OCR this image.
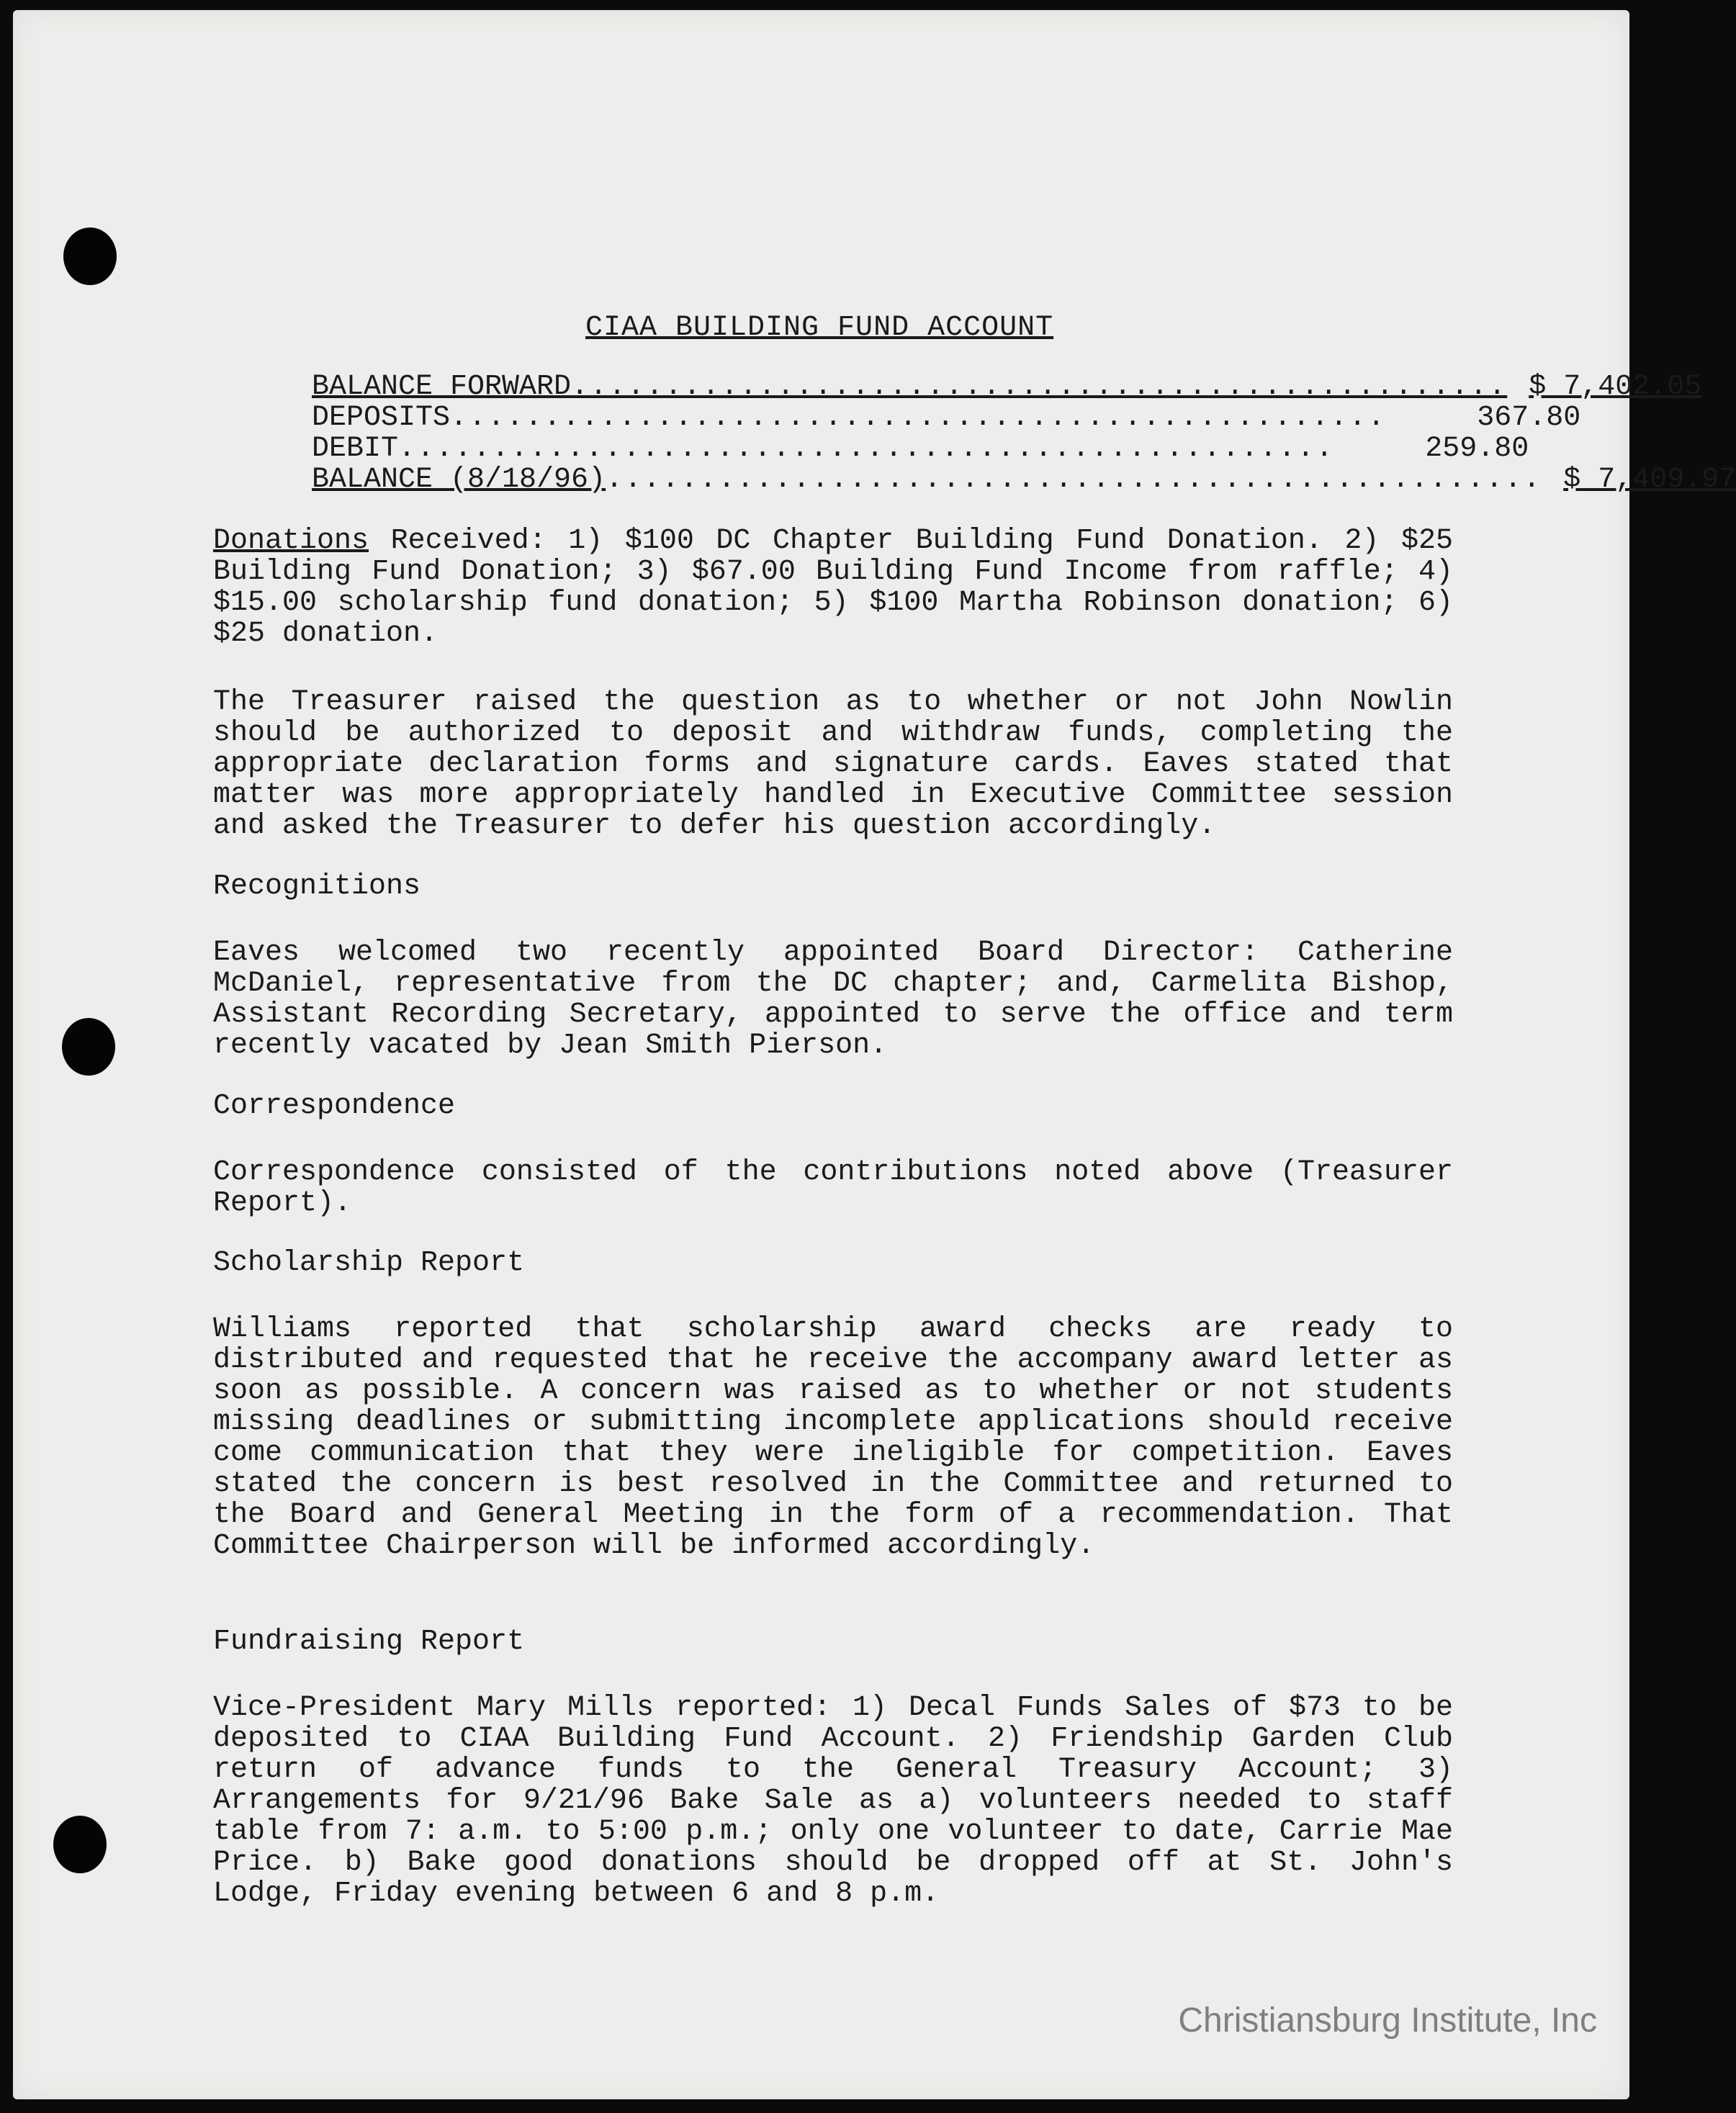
CIAA BUILDING FUND ACCOUNT
BALANCE FORWARD .................................................. $ 7,402.05
DEPOSITS ..................................................	367.80
DEBIT ..................................................	259.80
BALANCE (8/18/96) .................................................. $ 7,409.97
Donations Received: 1) $100 DC Chapter Building Fund Donation. 2) $25 Building Fund Donation; 3) $67.00 Building Fund Income from raffle; 4) $15.00 scholarship fund donation; 5) $100 Martha Robinson donation; 6) $25 donation.
The Treasurer raised the question as to whether or not John Nowlin should be authorized to deposit and withdraw funds, completing the appropriate declaration forms and signature cards. Eaves stated that matter was more appropriately handled in Executive Committee session and asked the Treasurer to defer his question accordingly.
Recognitions
Eaves welcomed two recently appointed Board Director: Catherine McDaniel, representative from the DC chapter; and, Carmelita Bishop, Assistant Recording Secretary, appointed to serve the office and term recently vacated by Jean Smith Pierson.
Correspondence
Correspondence consisted of the contributions noted above (Treasurer Report).
Scholarship Report
Williams reported that scholarship award checks are ready to distributed and requested that he receive the accompany award letter as soon as possible. A concern was raised as to whether or not students missing deadlines or submitting incomplete applications should receive come communication that they were ineligible for competition. Eaves stated the concern is best resolved in the Committee and returned to the Board and General Meeting in the form of a recommendation. That Committee Chairperson will be informed accordingly.
Fundraising Report
Vice-President Mary Mills reported: 1) Decal Funds Sales of $73 to be deposited to CIAA Building Fund Account. 2) Friendship Garden Club return of advance funds to the General Treasury Account; 3) Arrangements for 9/21/96 Bake Sale as a) volunteers needed to staff table from 7: a.m. to 5:00 p.m.; only one volunteer to date, Carrie Mae Price. b) Bake good donations should be dropped off at St. John's Lodge, Friday evening between 6 and 8 p.m.
Christiansburg Institute, Inc
